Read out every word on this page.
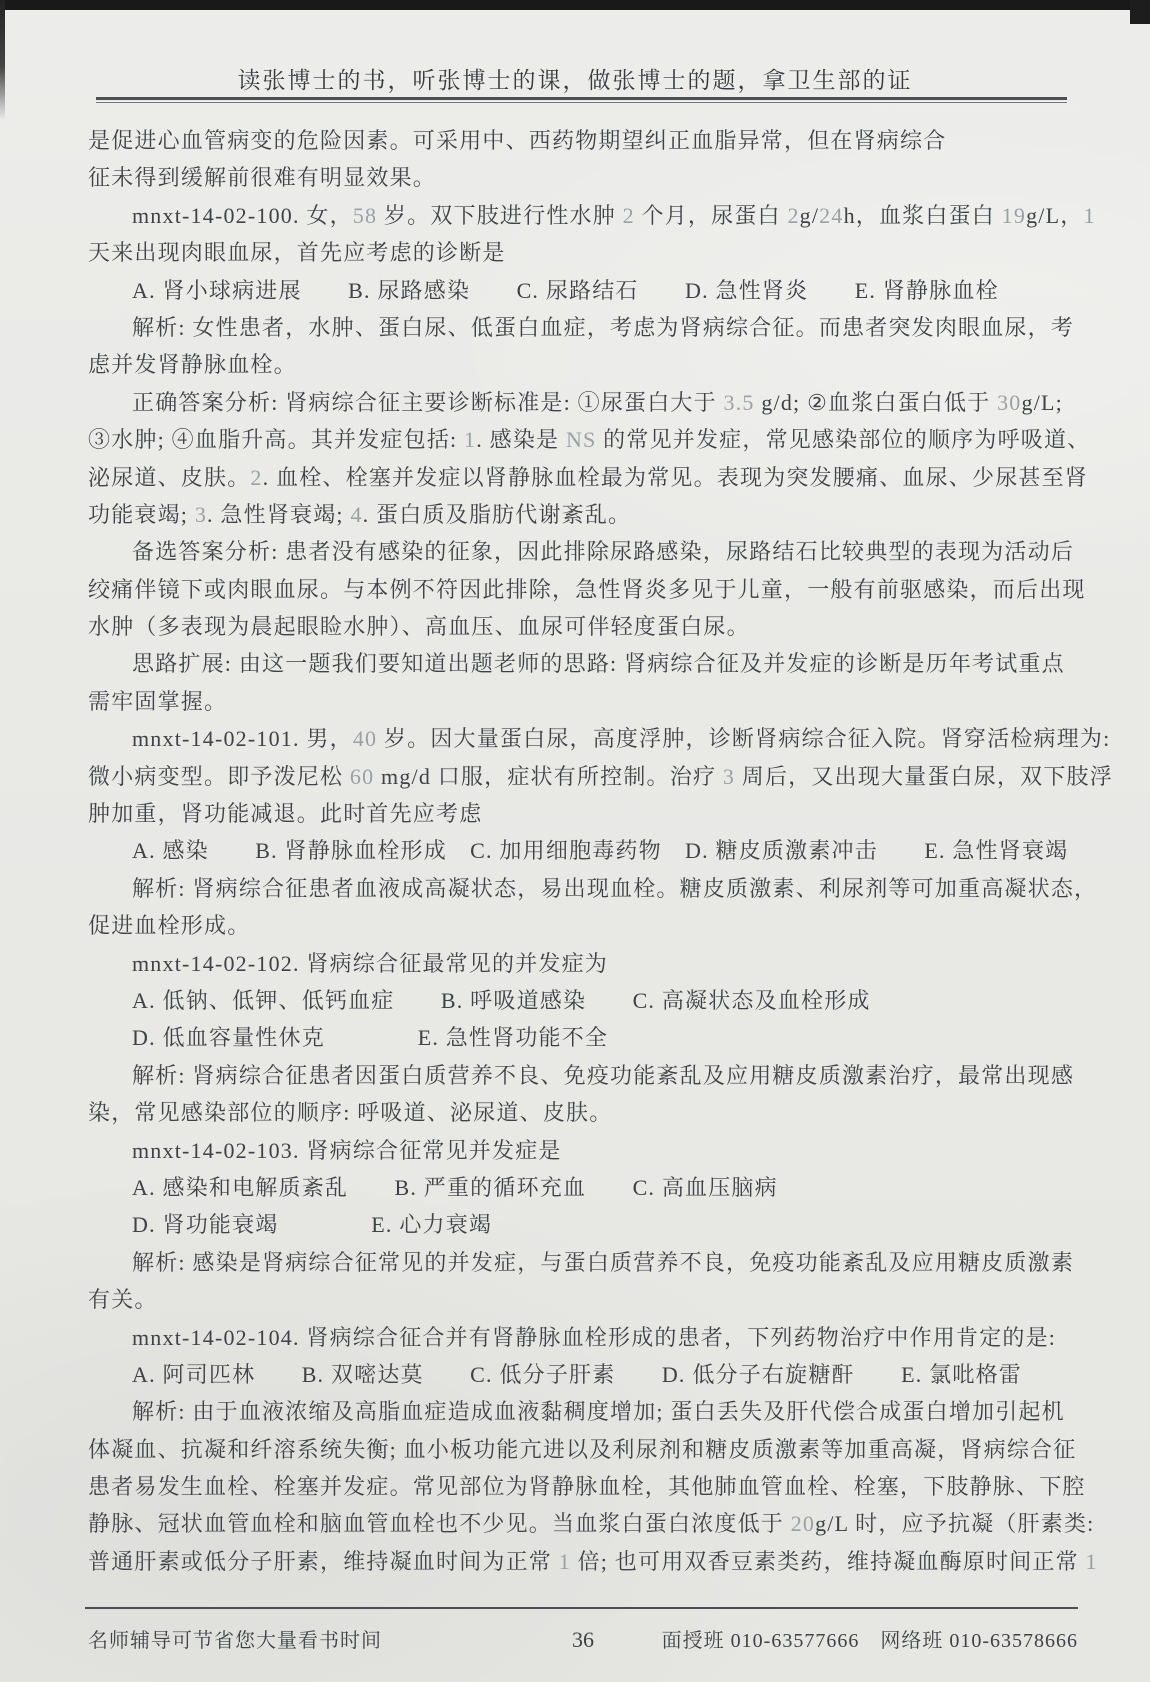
读张博士的书，听张博士的课，做张博士的题，拿卫生部的证
是促进心血管病变的危险因素。可采用中、西药物期望纠正血脂异常，但在肾病综合
征未得到缓解前很难有明显效果。
mnxt-14-02-100. 女，58 岁。双下肢进行性水肿 2 个月，尿蛋白 2g/24h，血浆白蛋白 19g/L，1
天来出现肉眼血尿，首先应考虑的诊断是
A. 肾小球病进展　　B. 尿路感染　　C. 尿路结石　　D. 急性肾炎　　E. 肾静脉血栓
解析: 女性患者，水肿、蛋白尿、低蛋白血症，考虑为肾病综合征。而患者突发肉眼血尿，考
虑并发肾静脉血栓。
正确答案分析: 肾病综合征主要诊断标准是: ①尿蛋白大于 3.5 g/d; ②血浆白蛋白低于 30g/L;
③水肿; ④血脂升高。其并发症包括: 1. 感染是 NS 的常见并发症，常见感染部位的顺序为呼吸道、
泌尿道、皮肤。2. 血栓、栓塞并发症以肾静脉血栓最为常见。表现为突发腰痛、血尿、少尿甚至肾
功能衰竭; 3. 急性肾衰竭; 4. 蛋白质及脂肪代谢紊乱。
备选答案分析: 患者没有感染的征象，因此排除尿路感染，尿路结石比较典型的表现为活动后
绞痛伴镜下或肉眼血尿。与本例不符因此排除，急性肾炎多见于儿童，一般有前驱感染，而后出现
水肿（多表现为晨起眼睑水肿）、高血压、血尿可伴轻度蛋白尿。
思路扩展: 由这一题我们要知道出题老师的思路: 肾病综合征及并发症的诊断是历年考试重点
需牢固掌握。
mnxt-14-02-101. 男，40 岁。因大量蛋白尿，高度浮肿，诊断肾病综合征入院。肾穿活检病理为:
微小病变型。即予泼尼松 60 mg/d 口服，症状有所控制。治疗 3 周后，又出现大量蛋白尿，双下肢浮
肿加重，肾功能减退。此时首先应考虑
A. 感染　　B. 肾静脉血栓形成　C. 加用细胞毒药物　D. 糖皮质激素冲击　　E. 急性肾衰竭
解析: 肾病综合征患者血液成高凝状态，易出现血栓。糖皮质激素、利尿剂等可加重高凝状态，
促进血栓形成。
mnxt-14-02-102. 肾病综合征最常见的并发症为
A. 低钠、低钾、低钙血症　　B. 呼吸道感染　　C. 高凝状态及血栓形成
D. 低血容量性休克　　　　E. 急性肾功能不全
解析: 肾病综合征患者因蛋白质营养不良、免疫功能紊乱及应用糖皮质激素治疗，最常出现感
染，常见感染部位的顺序: 呼吸道、泌尿道、皮肤。
mnxt-14-02-103. 肾病综合征常见并发症是
A. 感染和电解质紊乱　　B. 严重的循环充血　　C. 高血压脑病
D. 肾功能衰竭　　　　E. 心力衰竭
解析: 感染是肾病综合征常见的并发症，与蛋白质营养不良，免疫功能紊乱及应用糖皮质激素
有关。
mnxt-14-02-104. 肾病综合征合并有肾静脉血栓形成的患者，下列药物治疗中作用肯定的是:
A. 阿司匹林　　B. 双嘧达莫　　C. 低分子肝素　　D. 低分子右旋糖酐　　E. 氯吡格雷
解析: 由于血液浓缩及高脂血症造成血液黏稠度增加; 蛋白丢失及肝代偿合成蛋白增加引起机
体凝血、抗凝和纤溶系统失衡; 血小板功能亢进以及利尿剂和糖皮质激素等加重高凝，肾病综合征
患者易发生血栓、栓塞并发症。常见部位为肾静脉血栓，其他肺血管血栓、栓塞，下肢静脉、下腔
静脉、冠状血管血栓和脑血管血栓也不少见。当血浆白蛋白浓度低于 20g/L 时，应予抗凝（肝素类:
普通肝素或低分子肝素，维持凝血时间为正常 1 倍; 也可用双香豆素类药，维持凝血酶原时间正常 1
名师辅导可节省您大量看书时间	36	面授班 010-63577666　网络班 010-63578666
